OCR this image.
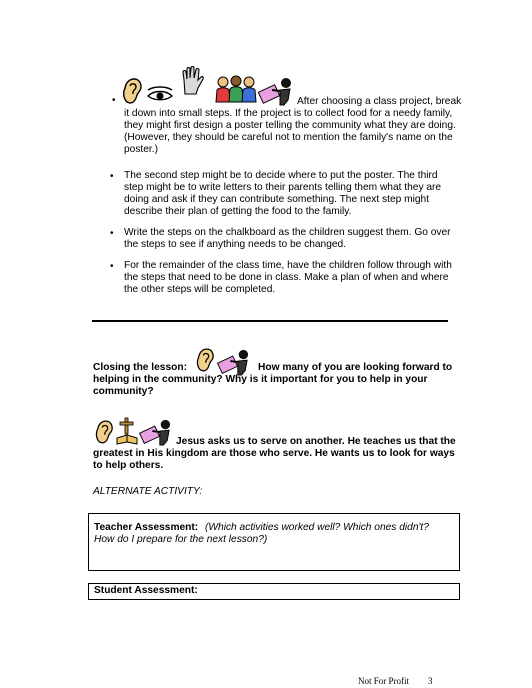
•	After choosing a class project, break
it down into small steps. If the project is to collect food for a needy family,
they might first design a poster telling the community what they are doing.
(However, they should be careful not to mention the family's name on the
poster.)
• The second step might be to decide where to put the poster. The third
step might be to write letters to their parents telling them what they are
doing and ask if they can contribute something. The next step might
describe their plan of getting the food to the family.
• Write the steps on the chalkboard as the children suggest them. Go over
the steps to see if anything needs to be changed.
• For the remainder of the class time, have the children follow through with
the steps that need to be done in class. Make a plan of when and where
the other steps will be completed.
Closing the lesson:	How many of you are looking forward to
helping in the community? Why is it important for you to help in your
community?
Jesus asks us to serve on another. He teaches us that the
greatest in His kingdom are those who serve. He wants us to look for ways
to help others.
ALTERNATE ACTIVITY:
Teacher Assessment: (Which activities worked well? Which ones didn't?
How do I prepare for the next lesson?)
Student Assessment:
Not For Profit 3
